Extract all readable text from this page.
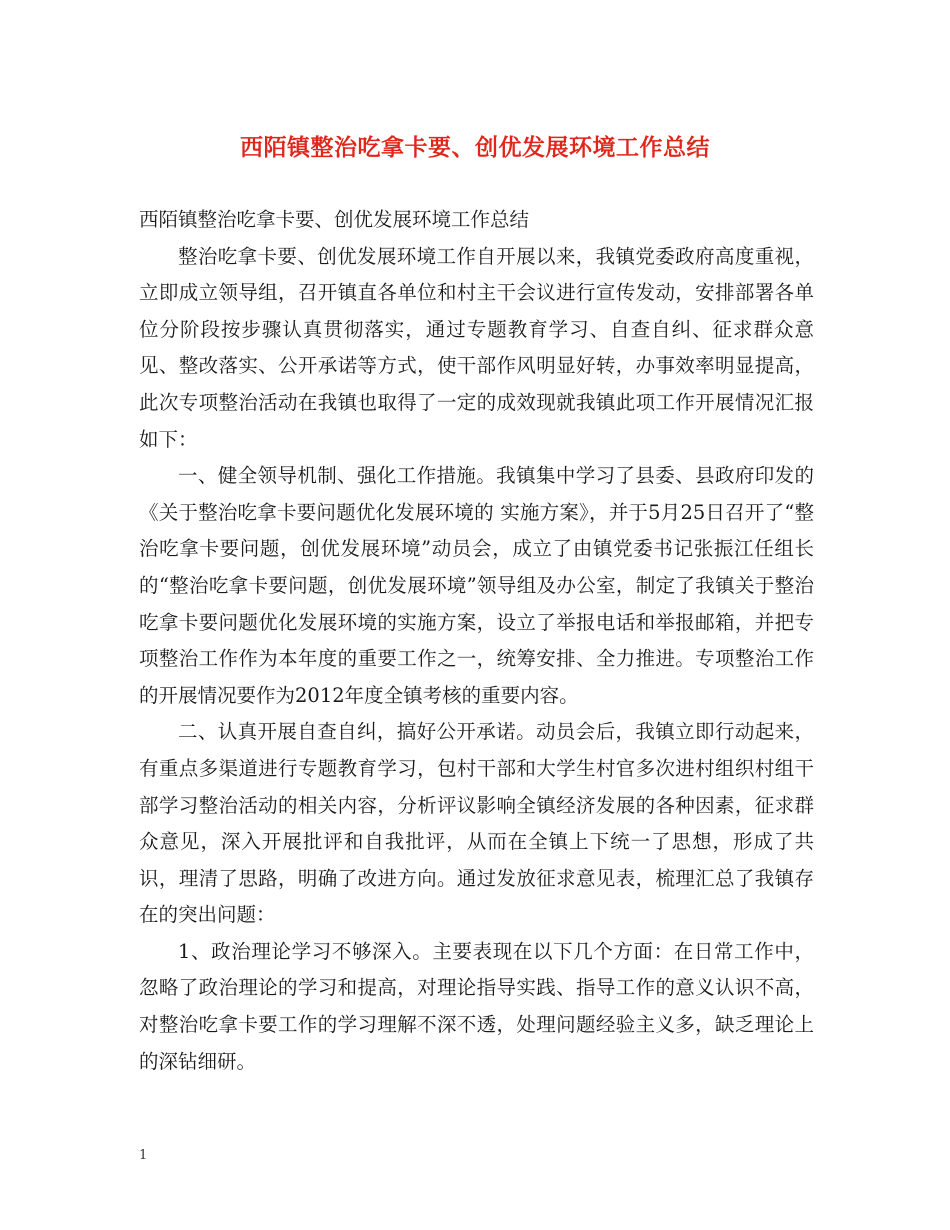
西陌镇整治吃拿卡要、创优发展环境工作总结

西陌镇整治吃拿卡要、创优发展环境工作总结

整治吃拿卡要、创优发展环境工作自开展以来，我镇党委政府高度重视，立即成立领导组，召开镇直各单位和村主干会议进行宣传发动，安排部署各单位分阶段按步骤认真贯彻落实，通过专题教育学习、自查自纠、征求群众意见、整改落实、公开承诺等方式，使干部作风明显好转，办事效率明显提高，此次专项整治活动在我镇也取得了一定的成效现就我镇此项工作开展情况汇报如下：

一、健全领导机制、强化工作措施。我镇集中学习了县委、县政府印发的《关于整治吃拿卡要问题优化发展环境的 实施方案》，并于5月25日召开了“整治吃拿卡要问题，创优发展环境”动员会，成立了由镇党委书记张振江任组长的“整治吃拿卡要问题，创优发展环境”领导组及办公室，制定了我镇关于整治吃拿卡要问题优化发展环境的实施方案，设立了举报电话和举报邮箱，并把专项整治工作作为本年度的重要工作之一，统筹安排、全力推进。专项整治工作的开展情况要作为2012年度全镇考核的重要内容。

二、认真开展自查自纠，搞好公开承诺。动员会后，我镇立即行动起来，有重点多渠道进行专题教育学习，包村干部和大学生村官多次进村组织村组干部学习整治活动的相关内容，分析评议影响全镇经济发展的各种因素，征求群众意见，深入开展批评和自我批评，从而在全镇上下统一了思想，形成了共识，理清了思路，明确了改进方向。通过发放征求意见表，梳理汇总了我镇存在的突出问题：

1、政治理论学习不够深入。主要表现在以下几个方面：在日常工作中，忽略了政治理论的学习和提高，对理论指导实践、指导工作的意义认识不高，对整治吃拿卡要工作的学习理解不深不透，处理问题经验主义多，缺乏理论上的深钻细研。

1
